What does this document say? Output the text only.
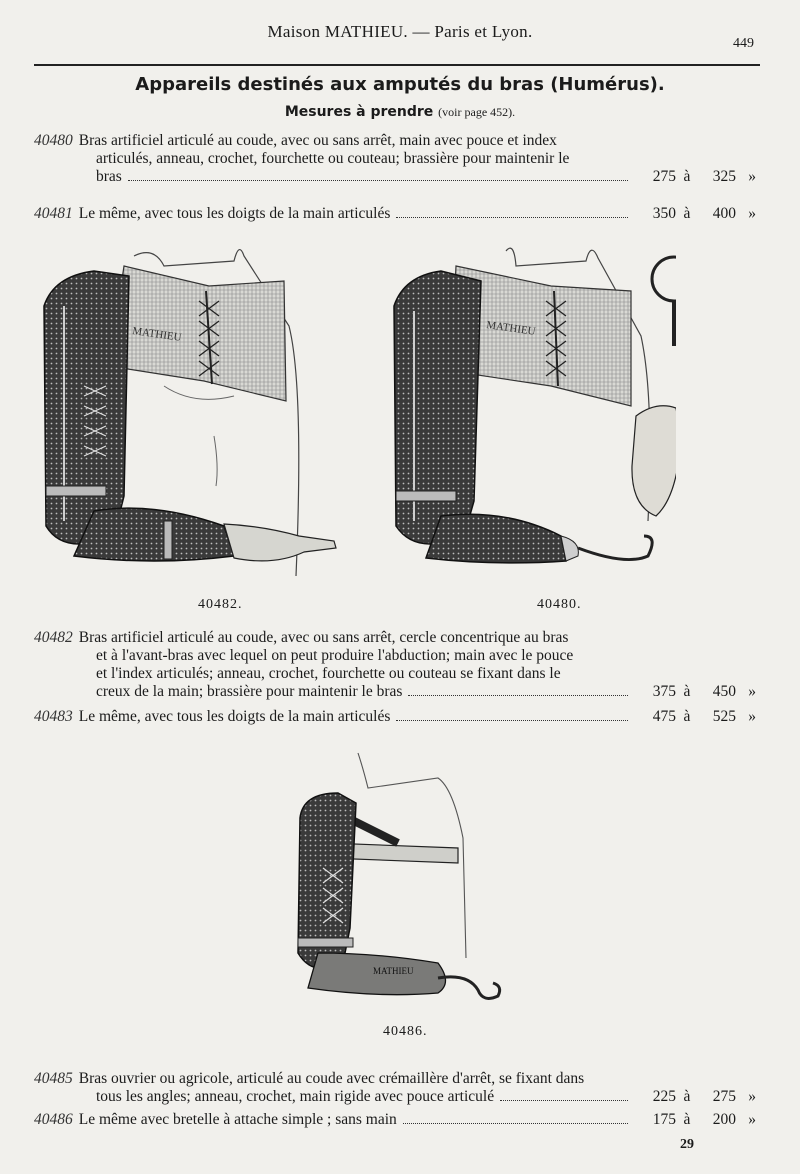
Maison MATHIEU. — Paris et Lyon.
449
Appareils destinés aux amputés du bras (Humérus).
Mesures à prendre (voir page 452).
40480 Bras artificiel articulé au coude, avec ou sans arrêt, main avec pouce et index
articulés, anneau, crochet, fourchette ou couteau; brassière pour maintenir le
bras	275 à 325 »
40481 Le même, avec tous les doigts de la main articulés	350 à 400 »
MATHIEU	MATHIEU
40482.	40480.
40482 Bras artificiel articulé au coude, avec ou sans arrêt, cercle concentrique au bras
et à l'avant-bras avec lequel on peut produire l'abduction; main avec le pouce
et l'index articulés; anneau, crochet, fourchette ou couteau se fixant dans le
creux de la main; brassière pour maintenir le bras	375 à 450 »
40483 Le même, avec tous les doigts de la main articulés	475 à 525 »
MATHIEU
40486.
40485 Bras ouvrier ou agricole, articulé au coude avec crémaillère d'arrêt, se fixant dans
tous les angles; anneau, crochet, main rigide avec pouce articulé	225 à 275 »
40486 Le même avec bretelle à attache simple ; sans main	175 à 200 »
29
